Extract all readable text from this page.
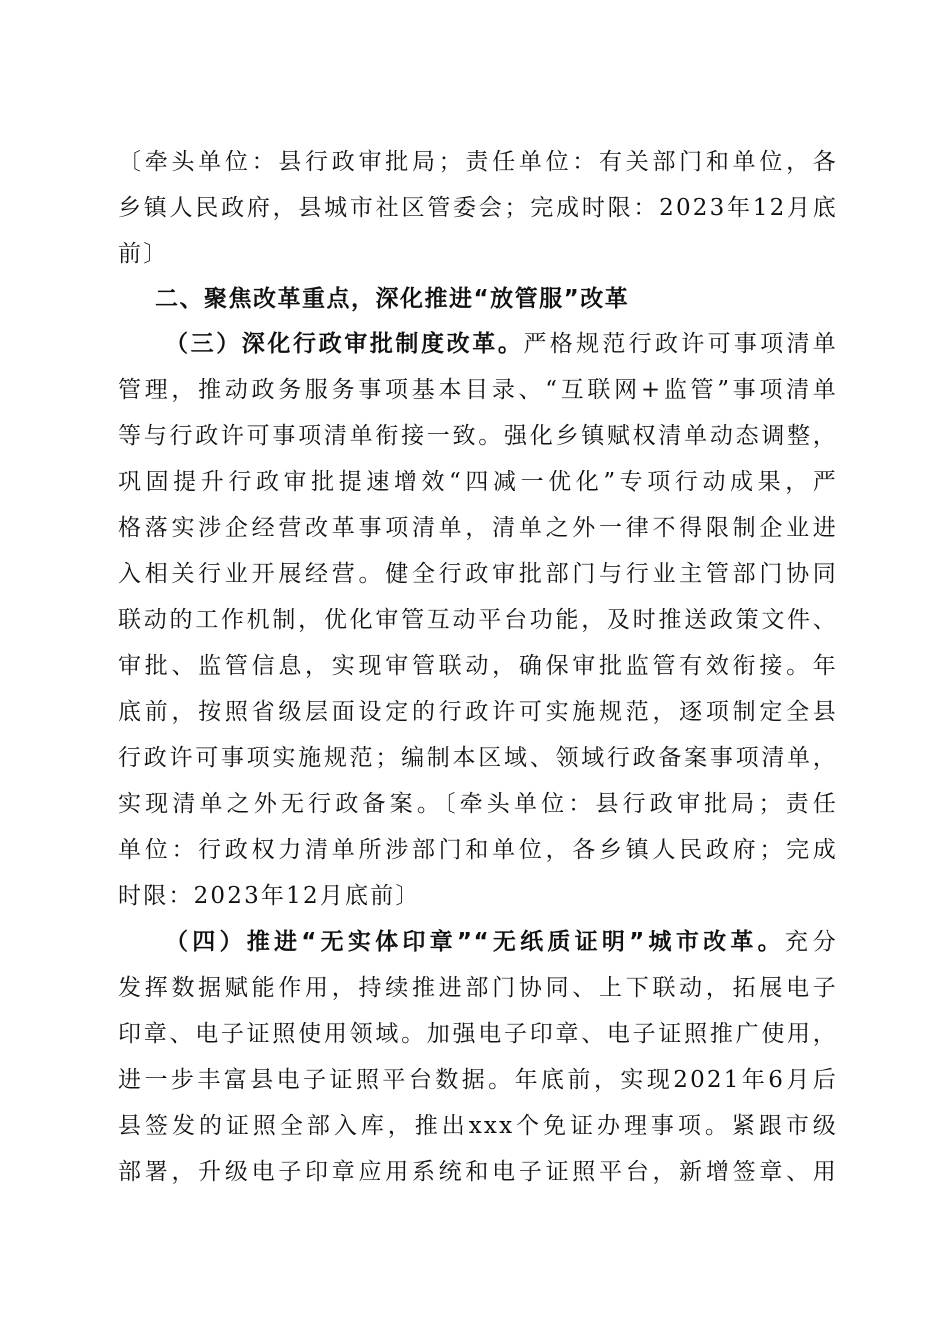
〔牵头单位：县行政审批局；责任单位：有关部门和单位，各
乡镇人民政府，县城市社区管委会；完成时限：2023年12月底
前〕
二、聚焦改革重点，深化推进“放管服”改革
（三）深化行政审批制度改革。严格规范行政许可事项清单
管理，推动政务服务事项基本目录、“互联网+监管”事项清单
等与行政许可事项清单衔接一致。强化乡镇赋权清单动态调整，
巩固提升行政审批提速增效“四减一优化”专项行动成果，严
格落实涉企经营改革事项清单，清单之外一律不得限制企业进
入相关行业开展经营。健全行政审批部门与行业主管部门协同
联动的工作机制，优化审管互动平台功能，及时推送政策文件、
审批、监管信息，实现审管联动，确保审批监管有效衔接。年
底前，按照省级层面设定的行政许可实施规范，逐项制定全县
行政许可事项实施规范；编制本区域、领域行政备案事项清单，
实现清单之外无行政备案。〔牵头单位：县行政审批局；责任
单位：行政权力清单所涉部门和单位，各乡镇人民政府；完成
时限：2023年12月底前〕
（四）推进“无实体印章”“无纸质证明”城市改革。充分
发挥数据赋能作用，持续推进部门协同、上下联动，拓展电子
印章、电子证照使用领域。加强电子印章、电子证照推广使用，
进一步丰富县电子证照平台数据。年底前，实现2021年6月后
县签发的证照全部入库，推出xxx个免证办理事项。紧跟市级
部署，升级电子印章应用系统和电子证照平台，新增签章、用
